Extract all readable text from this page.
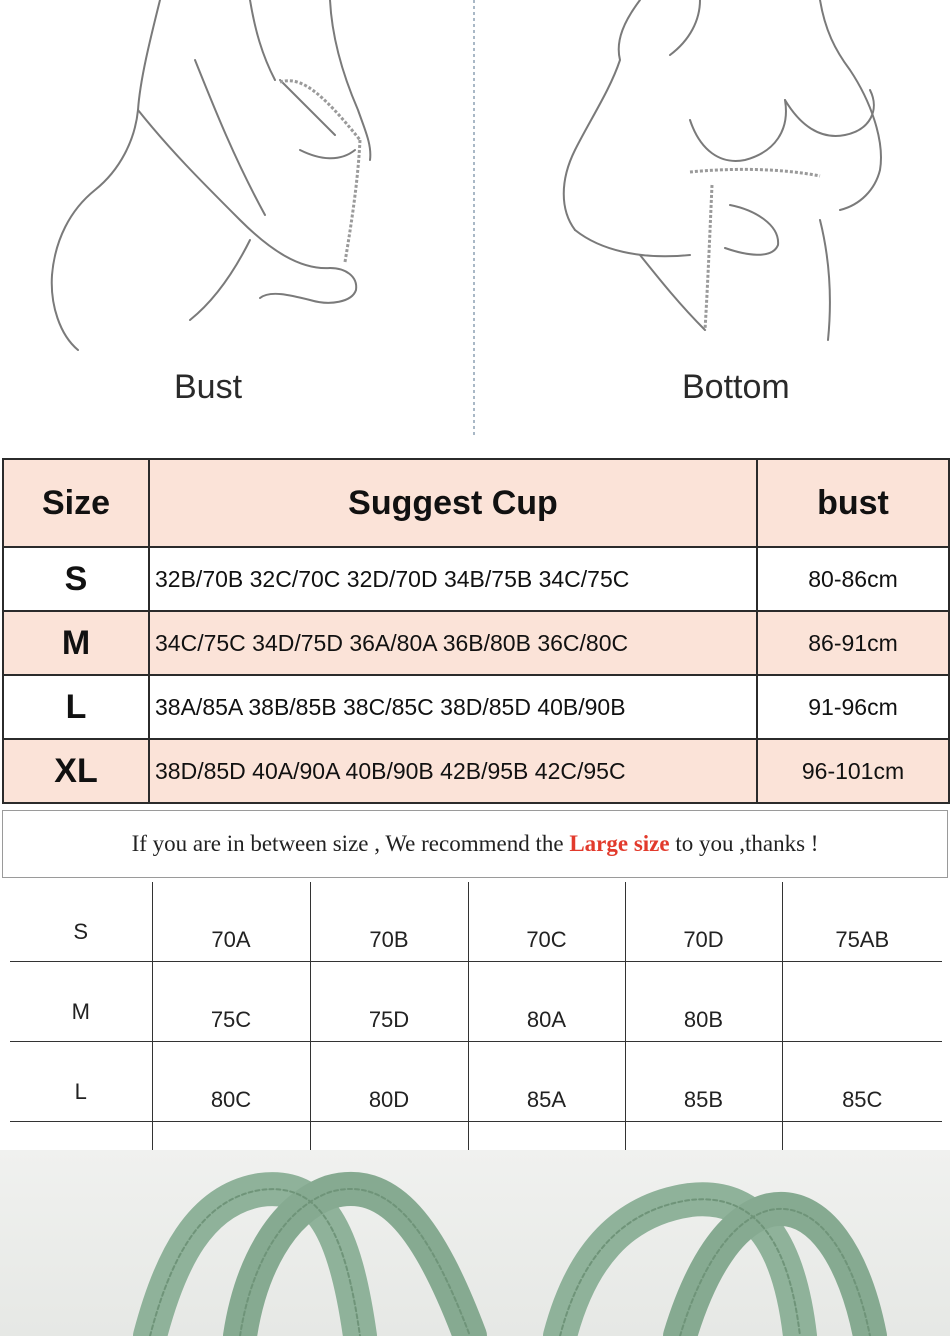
Bust	Bottom
Size	Suggest Cup	bust
S	32B/70B 32C/70C 32D/70D 34B/75B 34C/75C	80-86cm
M	34C/75C 34D/75D 36A/80A 36B/80B 36C/80C	86-91cm
L	38A/85A 38B/85B 38C/85C 38D/85D 40B/90B	91-96cm
XL	38D/85D 40A/90A 40B/90B 42B/95B 42C/95C	96-101cm
If you are in between size , We recommend the Large size to you ,thanks !
S	70A	70B	70C	70D	75AB
M	75C	75D	80A	80B	
L	80C	80D	85A	85B	85C
